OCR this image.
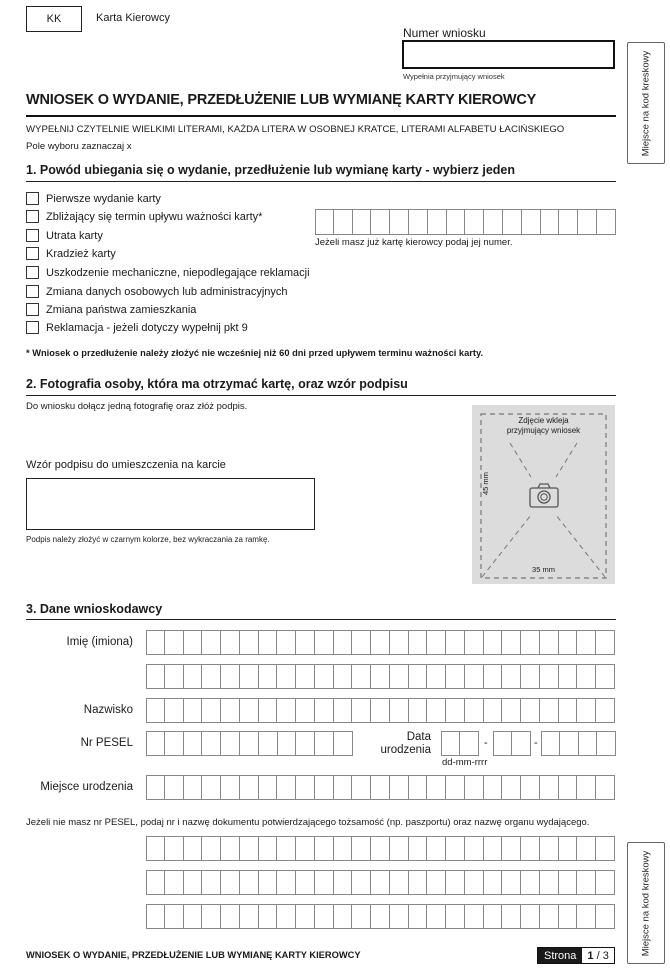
KK	Karta Kierowcy
Numer wniosku
Wypełnia przyjmujący wniosek	Miejsce na kod kreskowy
Miejsce na kod kreskowy
WNIOSEK O WYDANIE, PRZEDŁUŻENIE LUB WYMIANĘ KARTY KIEROWCY
WYPEŁNIJ CZYTELNIE WIELKIMI LITERAMI, KAŻDA LITERA W OSOBNEJ KRATCE, LITERAMI ALFABETU ŁACIŃSKIEGO
Pole wyboru zaznaczaj x
1. Powód ubiegania się o wydanie, przedłużenie lub wymianę karty - wybierz jeden
Pierwsze wydanie karty
Zbliżający się termin upływu ważności karty*
Utrata karty
Kradzież karty
Uszkodzenie mechaniczne, niepodlegające reklamacji
Zmiana danych osobowych lub administracyjnych
Zmiana państwa zamieszkania
Reklamacja - jeżeli dotyczy wypełnij pkt 9
Jeżeli masz już kartę kierowcy podaj jej numer.
* Wniosek o przedłużenie należy złożyć nie wcześniej niż 60 dni przed upływem terminu ważności karty.
2. Fotografia osoby, która ma otrzymać kartę, oraz wzór podpisu
Do wniosku dołącz jedną fotografię oraz złóż podpis.
Wzór podpisu do umieszczenia na karcie
Podpis należy złożyć w czarnym kolorze, bez wykraczania za ramkę.
Zdjęcie wkleja
przyjmujący wniosek
45 mm
35 mm
3. Dane wnioskodawcy
Imię (imiona)
Nazwisko
Nr PESEL	Data
urodzenia
-	-
dd-mm-rrrr
Miejsce urodzenia
Jeżeli nie masz nr PESEL, podaj nr i nazwę dokumentu potwierdzającego tożsamość (np. paszportu) oraz nazwę organu wydającego.
WNIOSEK O WYDANIE, PRZEDŁUŻENIE LUB WYMIANĘ KARTY KIEROWCY	Strona	1
/ 3
